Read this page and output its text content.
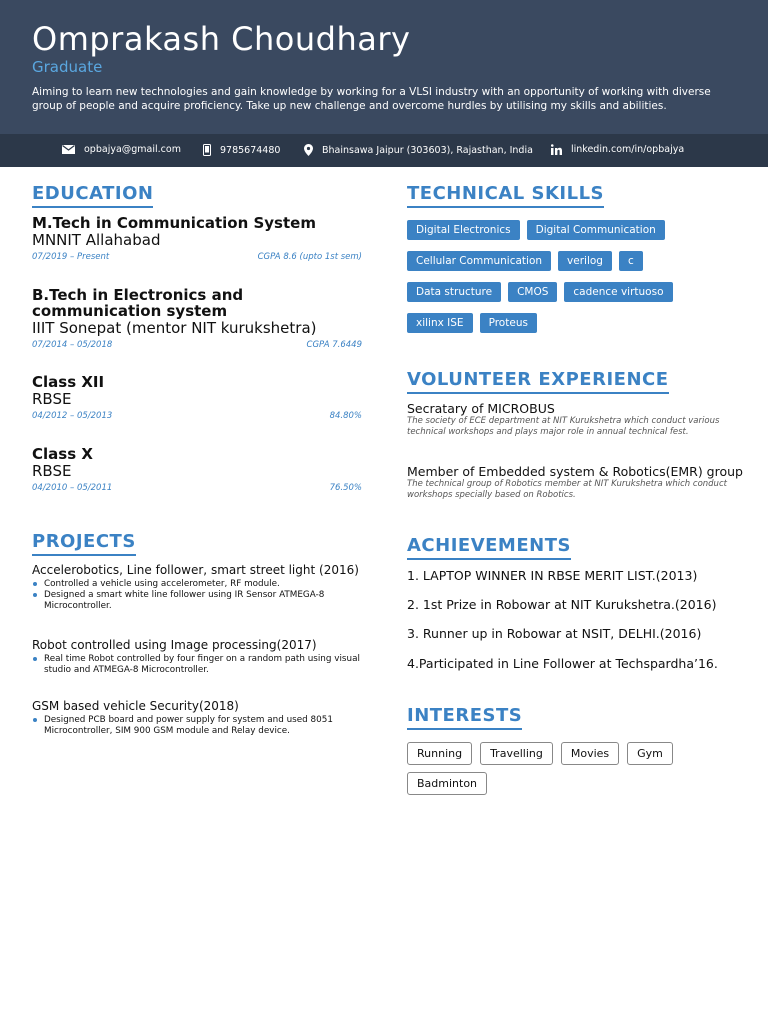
Omprakash Choudhary
Graduate
Aiming to learn new technologies and gain knowledge by working for a VLSI industry with an opportunity of working with diverse group of people and acquire proficiency. Take up new challenge and overcome hurdles by utilising my skills and abilities.
opbajya@gmail.com	9785674480	Bhainsawa Jaipur (303603), Rajasthan, India	linkedin.com/in/opbajya
EDUCATION
M.Tech in Communication System
MNNIT Allahabad
07/2019 – Present	CGPA 8.6 (upto 1st sem)
B.Tech in Electronics and communication system
IIIT Sonepat (mentor NIT kurukshetra)
07/2014 – 05/2018	CGPA 7.6449
Class XII
RBSE
04/2012 – 05/2013	84.80%
Class X
RBSE
04/2010 – 05/2011	76.50%
PROJECTS
Accelerobotics, Line follower, smart street light (2016)
Controlled a vehicle using accelerometer, RF module.
Designed a smart white line follower using IR Sensor ATMEGA-8 Microcontroller.
Robot controlled using Image processing(2017)
Real time Robot controlled by four finger on a random path using visual studio and ATMEGA-8 Microcontroller.
GSM based vehicle Security(2018)
Designed PCB board and power supply for system and used 8051 Microcontroller, SIM 900 GSM module and Relay device.
TECHNICAL SKILLS
Digital Electronics	Digital Communication
Cellular Communication	verilog	c
Data structure	CMOS	cadence virtuoso
xilinx ISE	Proteus
VOLUNTEER EXPERIENCE
Secratary of MICROBUS
The society of ECE department at NIT Kurukshetra which conduct various technical workshops and plays major role in annual technical fest.
Member of Embedded system & Robotics(EMR) group
The technical group of Robotics member at NIT Kurukshetra which conduct workshops specially based on Robotics.
ACHIEVEMENTS
1. LAPTOP WINNER IN RBSE MERIT LIST.(2013)
2. 1st Prize in Robowar at NIT Kurukshetra.(2016)
3. Runner up in Robowar at NSIT, DELHI.(2016)
4.Participated in Line Follower at Techspardha’16.
INTERESTS
Running	Travelling	Movies	Gym
Badminton
